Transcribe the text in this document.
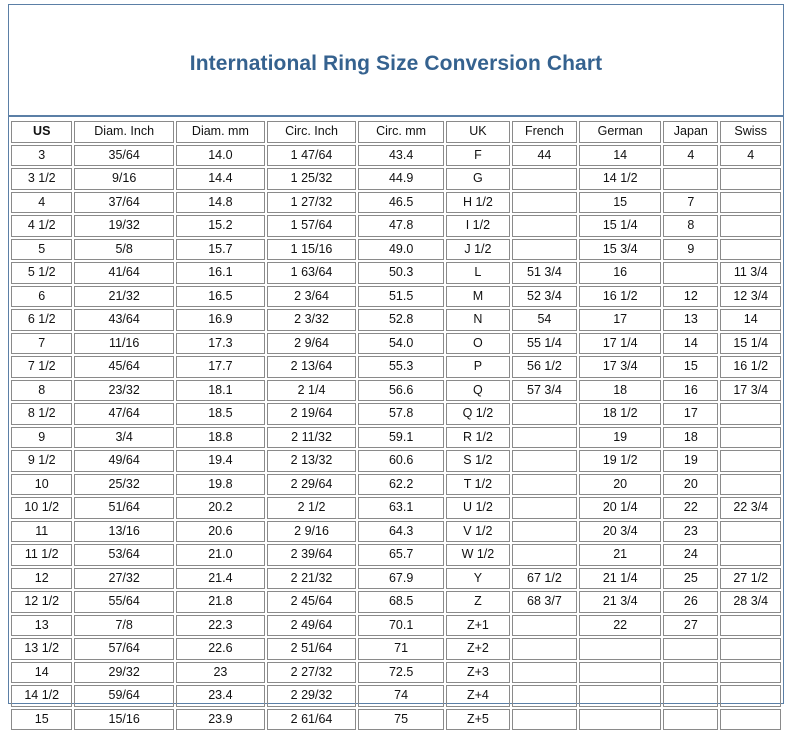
International Ring Size Conversion Chart
US	Diam. Inch	Diam. mm	Circ. Inch	Circ. mm	UK	French	German	Japan	Swiss
3	35/64	14.0	1 47/64	43.4	F	44	14	4	4
3 1/2	9/16	14.4	1 25/32	44.9	G		14 1/2		
4	37/64	14.8	1 27/32	46.5	H 1/2		15	7	
4 1/2	19/32	15.2	1 57/64	47.8	I 1/2		15 1/4	8	
5	5/8	15.7	1 15/16	49.0	J 1/2		15 3/4	9	
5 1/2	41/64	16.1	1 63/64	50.3	L	51 3/4	16		11 3/4
6	21/32	16.5	2 3/64	51.5	M	52 3/4	16 1/2	12	12 3/4
6 1/2	43/64	16.9	2 3/32	52.8	N	54	17	13	14
7	11/16	17.3	2 9/64	54.0	O	55 1/4	17 1/4	14	15 1/4
7 1/2	45/64	17.7	2 13/64	55.3	P	56 1/2	17 3/4	15	16 1/2
8	23/32	18.1	2 1/4	56.6	Q	57 3/4	18	16	17 3/4
8 1/2	47/64	18.5	2 19/64	57.8	Q 1/2		18 1/2	17	
9	3/4	18.8	2 11/32	59.1	R 1/2		19	18	
9 1/2	49/64	19.4	2 13/32	60.6	S 1/2		19 1/2	19	
10	25/32	19.8	2 29/64	62.2	T 1/2		20	20	
10 1/2	51/64	20.2	2 1/2	63.1	U 1/2		20 1/4	22	22 3/4
11	13/16	20.6	2 9/16	64.3	V 1/2		20 3/4	23	
11 1/2	53/64	21.0	2 39/64	65.7	W 1/2		21	24	
12	27/32	21.4	2 21/32	67.9	Y	67 1/2	21 1/4	25	27 1/2
12 1/2	55/64	21.8	2 45/64	68.5	Z	68 3/7	21 3/4	26	28 3/4
13	7/8	22.3	2 49/64	70.1	Z+1		22	27	
13 1/2	57/64	22.6	2 51/64	71	Z+2				
14	29/32	23	2 27/32	72.5	Z+3				
14 1/2	59/64	23.4	2 29/32	74	Z+4				
15	15/16	23.9	2 61/64	75	Z+5				
